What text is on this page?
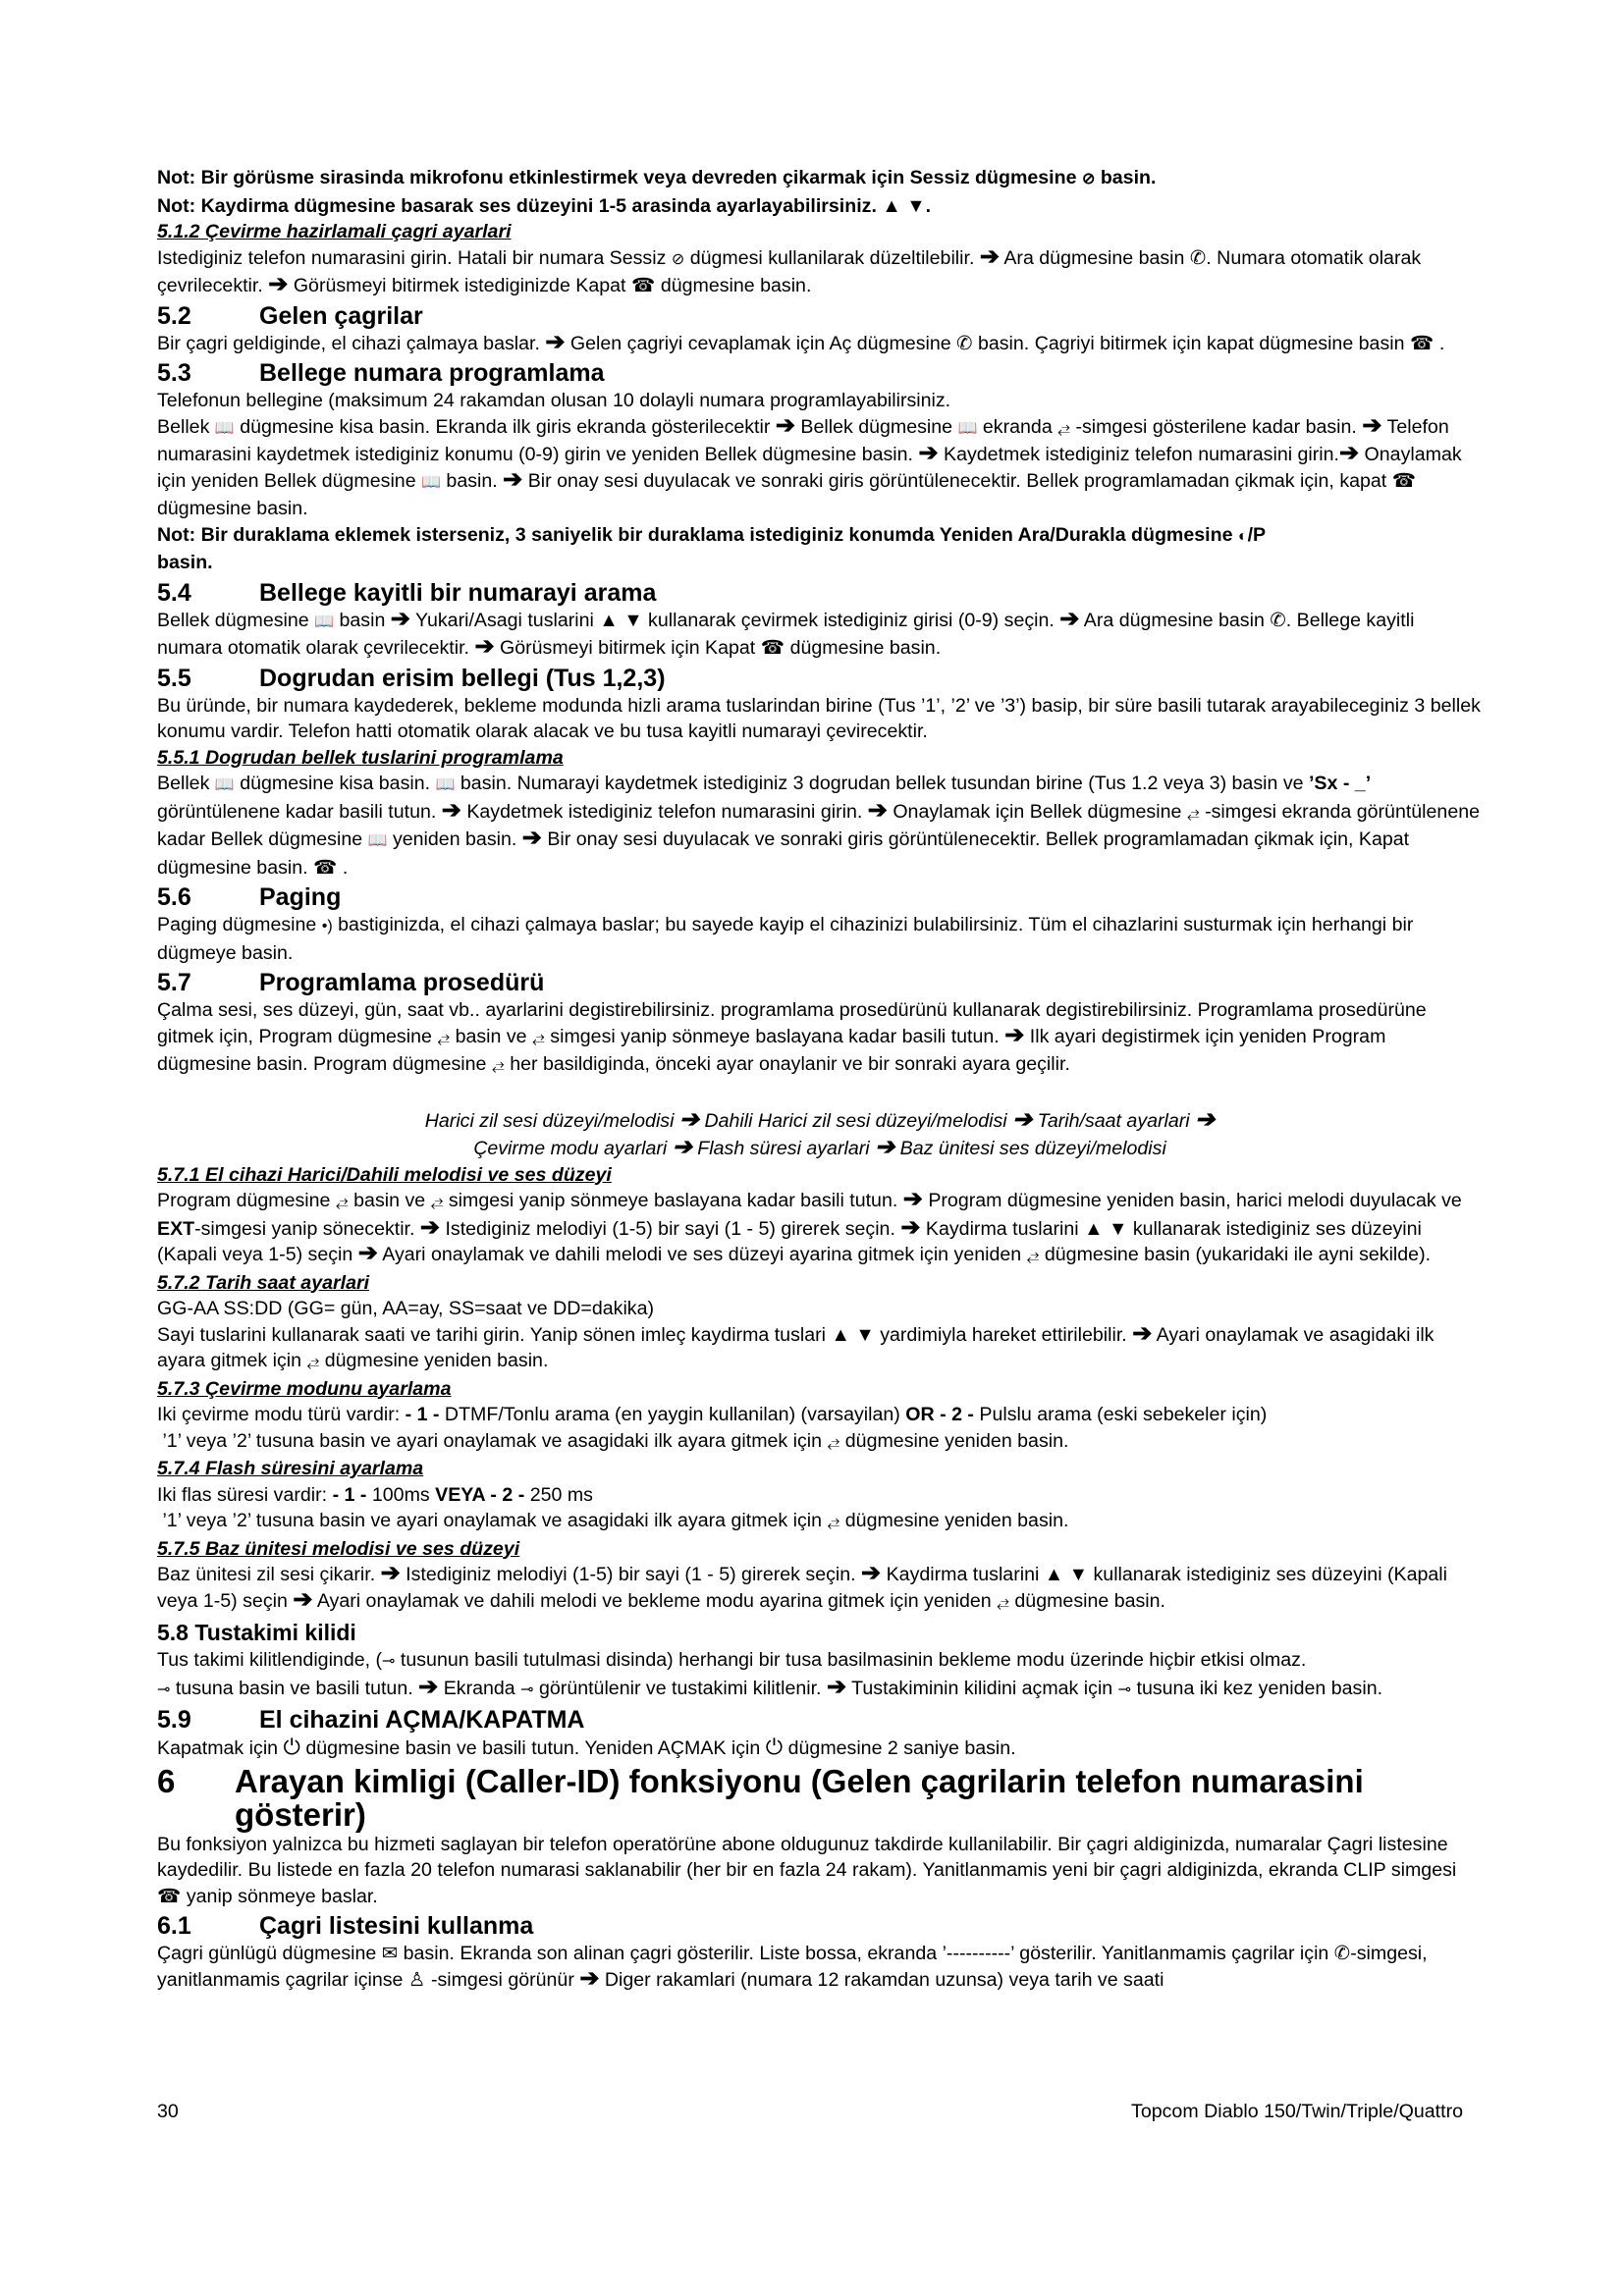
Not: Bir görüsme sirasinda mikrofonu etkinlestirmek veya devreden çikarmak için Sessiz dügmesine ⊘ basin.

Not: Kaydirma dügmesine basarak ses düzeyini 1-5 arasinda ayarlayabilirsiniz. ▲ ▼.

5.1.2 Çevirme hazirlamali çagri ayarlari

Istediginiz telefon numarasini girin. Hatali bir numara Sessiz ⊘ dügmesi kullanilarak düzeltilebilir. ➔ Ara dügmesine basin ✆. Numara otomatik olarak çevrilecektir. ➔ Görüsmeyi bitirmek istediginizde Kapat ☎ dügmesine basin.

5.2	Gelen çagrilar

Bir çagri geldiginde, el cihazi çalmaya baslar. ➔ Gelen çagriyi cevaplamak için Aç dügmesine ✆ basin. Çagriyi bitirmek için kapat dügmesine basin ☎ .

5.3	Bellege numara programlama

Telefonun bellegine (maksimum 24 rakamdan olusan 10 dolayli numara programlayabilirsiniz.
Bellek 📖 dügmesine kisa basin. Ekranda ilk giris ekranda gösterilecektir ➔ Bellek dügmesine 📖 ekranda ⥄ -simgesi gösterilene kadar basin. ➔ Telefon numarasini kaydetmek istediginiz konumu (0-9) girin ve yeniden Bellek dügmesine basin. ➔ Kaydetmek istediginiz telefon numarasini girin.➔ Onaylamak için yeniden Bellek dügmesine 📖 basin. ➔ Bir onay sesi duyulacak ve sonraki giris görüntülenecektir. Bellek programlamadan çikmak için, kapat ☎ dügmesine basin.

Not: Bir duraklama eklemek isterseniz, 3 saniyelik bir duraklama istediginiz konumda Yeniden Ara/Durakla dügmesine ◐/P
basin.

5.4	Bellege kayitli bir numarayi arama

Bellek dügmesine 📖 basin ➔ Yukari/Asagi tuslarini ▲ ▼ kullanarak çevirmek istediginiz girisi (0-9) seçin. ➔ Ara dügmesine basin ✆. Bellege kayitli numara otomatik olarak çevrilecektir. ➔ Görüsmeyi bitirmek için Kapat ☎ dügmesine basin.

5.5	Dogrudan erisim bellegi (Tus 1,2,3)

Bu üründe, bir numara kaydederek, bekleme modunda hizli arama tuslarindan birine (Tus ’1’, ’2’ ve ’3’) basip, bir süre basili tutarak arayabileceginiz 3 bellek konumu vardir. Telefon hatti otomatik olarak alacak ve bu tusa kayitli numarayi çevirecektir.

5.5.1 Dogrudan bellek tuslarini programlama

Bellek 📖 dügmesine kisa basin. 📖 basin. Numarayi kaydetmek istediginiz 3 dogrudan bellek tusundan birine (Tus 1.2 veya 3) basin ve ’Sx - _’ görüntülenene kadar basili tutun. ➔ Kaydetmek istediginiz telefon numarasini girin. ➔ Onaylamak için Bellek dügmesine ⥄ -simgesi ekranda görüntülenene kadar Bellek dügmesine 📖 yeniden basin. ➔ Bir onay sesi duyulacak ve sonraki giris görüntülenecektir. Bellek programlamadan çikmak için, Kapat dügmesine basin. ☎ .

5.6	Paging

Paging dügmesine •) bastiginizda, el cihazi çalmaya baslar; bu sayede kayip el cihazinizi bulabilirsiniz. Tüm el cihazlarini susturmak için herhangi bir dügmeye basin.

5.7	Programlama prosedürü

Çalma sesi, ses düzeyi, gün, saat vb.. ayarlarini degistirebilirsiniz. programlama prosedürünü kullanarak degistirebilirsiniz. Programlama prosedürüne gitmek için, Program dügmesine ⥄ basin ve ⥄ simgesi yanip sönmeye baslayana kadar basili tutun. ➔ Ilk ayari degistirmek için yeniden Program dügmesine basin. Program dügmesine ⥄ her basildiginda, önceki ayar onaylanir ve bir sonraki ayara geçilir.

Harici zil sesi düzeyi/melodisi ➔ Dahili Harici zil sesi düzeyi/melodisi ➔ Tarih/saat ayarlari ➔

Çevirme modu ayarlari ➔ Flash süresi ayarlari ➔ Baz ünitesi ses düzeyi/melodisi

5.7.1 El cihazi Harici/Dahili melodisi ve ses düzeyi

Program dügmesine ⥄ basin ve ⥄ simgesi yanip sönmeye baslayana kadar basili tutun. ➔ Program dügmesine yeniden basin, harici melodi duyulacak ve EXT-simgesi yanip sönecektir. ➔ Istediginiz melodiyi (1-5) bir sayi (1 - 5) girerek seçin. ➔ Kaydirma tuslarini ▲ ▼ kullanarak istediginiz ses düzeyini (Kapali veya 1-5) seçin ➔ Ayari onaylamak ve dahili melodi ve ses düzeyi ayarina gitmek için yeniden ⥄ dügmesine basin (yukaridaki ile ayni sekilde).

5.7.2 Tarih saat ayarlari

GG-AA SS:DD (GG= gün, AA=ay, SS=saat ve DD=dakika)
Sayi tuslarini kullanarak saati ve tarihi girin. Yanip sönen imleç kaydirma tuslari ▲ ▼ yardimiyla hareket ettirilebilir. ➔ Ayari onaylamak ve asagidaki ilk ayara gitmek için ⥄ dügmesine yeniden basin.

5.7.3 Çevirme modunu ayarlama

Iki çevirme modu türü vardir: - 1 - DTMF/Tonlu arama (en yaygin kullanilan) (varsayilan) OR - 2 - Pulslu arama (eski sebekeler için)
’1’ veya ’2’ tusuna basin ve ayari onaylamak ve asagidaki ilk ayara gitmek için ⥄ dügmesine yeniden basin.

5.7.4 Flash süresini ayarlama

Iki flas süresi vardir: - 1 - 100ms VEYA - 2 - 250 ms
’1’ veya ’2’ tusuna basin ve ayari onaylamak ve asagidaki ilk ayara gitmek için ⥄ dügmesine yeniden basin.

5.7.5 Baz ünitesi melodisi ve ses düzeyi

Baz ünitesi zil sesi çikarir. ➔ Istediginiz melodiyi (1-5) bir sayi (1 - 5) girerek seçin. ➔ Kaydirma tuslarini ▲ ▼ kullanarak istediginiz ses düzeyini (Kapali veya 1-5) seçin ➔ Ayari onaylamak ve dahili melodi ve bekleme modu ayarina gitmek için yeniden ⥄ dügmesine basin.

5.8 Tustakimi kilidi

Tus takimi kilitlendiginde, (⊸ tusunun basili tutulmasi disinda) herhangi bir tusa basilmasinin bekleme modu üzerinde hiçbir etkisi olmaz.
⊸ tusuna basin ve basili tutun. ➔ Ekranda ⊸ görüntülenir ve tustakimi kilitlenir. ➔ Tustakiminin kilidini açmak için ⊸ tusuna iki kez yeniden basin.

5.9	El cihazini AÇMA/KAPATMA

Kapatmak için ⏻ dügmesine basin ve basili tutun. Yeniden AÇMAK için ⏻ dügmesine 2 saniye basin.

6 Arayan kimligi (Caller-ID) fonksiyonu (Gelen çagrilarin telefon numarasini
gösterir)

Bu fonksiyon yalnizca bu hizmeti saglayan bir telefon operatörüne abone oldugunuz takdirde kullanilabilir. Bir çagri aldiginizda, numaralar Çagri listesine kaydedilir. Bu listede en fazla 20 telefon numarasi saklanabilir (her bir en fazla 24 rakam). Yanitlanmamis yeni bir çagri aldiginizda, ekranda CLIP simgesi ☎ yanip sönmeye baslar.

6.1	Çagri listesini kullanma

Çagri günlügü dügmesine ✉ basin. Ekranda son alinan çagri gösterilir. Liste bossa, ekranda ’----------’ gösterilir. Yanitlanmamis çagrilar için ✆-simgesi, yanitlanmamis çagrilar içinse ♙ -simgesi görünür ➔ Diger rakamlari (numara 12 rakamdan uzunsa) veya tarih ve saati

30	Topcom Diablo 150/Twin/Triple/Quattro
